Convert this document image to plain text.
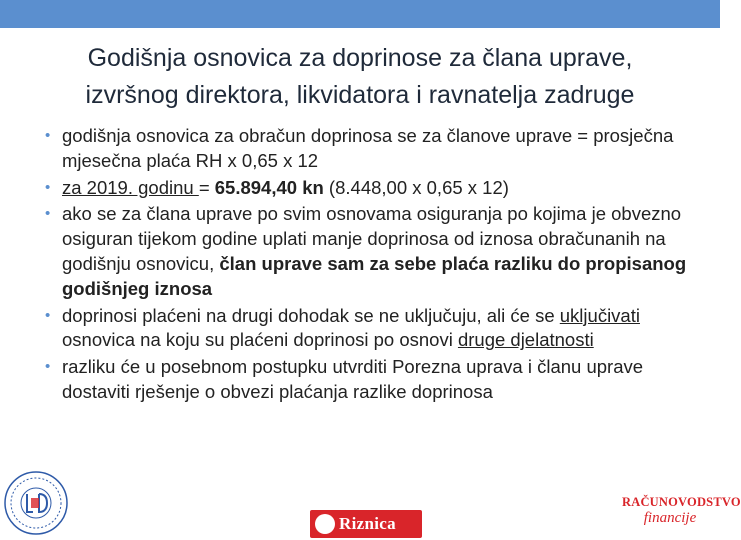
Godišnja osnovica za doprinose za člana uprave,
izvršnog direktora, likvidatora i ravnatelja zadruge
• godišnja osnovica za obračun doprinosa se za članove uprave = prosječna mjesečna plaća RH x 0,65 x 12
• za 2019. godinu = 65.894,40 kn (8.448,00 x 0,65 x 12)
• ako se za člana uprave po svim osnovama osiguranja po kojima je obvezno osiguran tijekom godine uplati manje doprinosa od iznosa obračunanih na godišnju osnovicu, član uprave sam za sebe plaća razliku do propisanog godišnjeg iznosa
• doprinosi plaćeni na drugi dohodak se ne uključuju, ali će se uključivati osnovica na koju su plaćeni doprinosi po osnovi druge djelatnosti
• razliku će u posebnom postupku utvrditi Porezna uprava i članu uprave dostaviti rješenje o obvezi plaćanja razlike doprinosa
Riznica
RAČUNOVODSTVO
financije
